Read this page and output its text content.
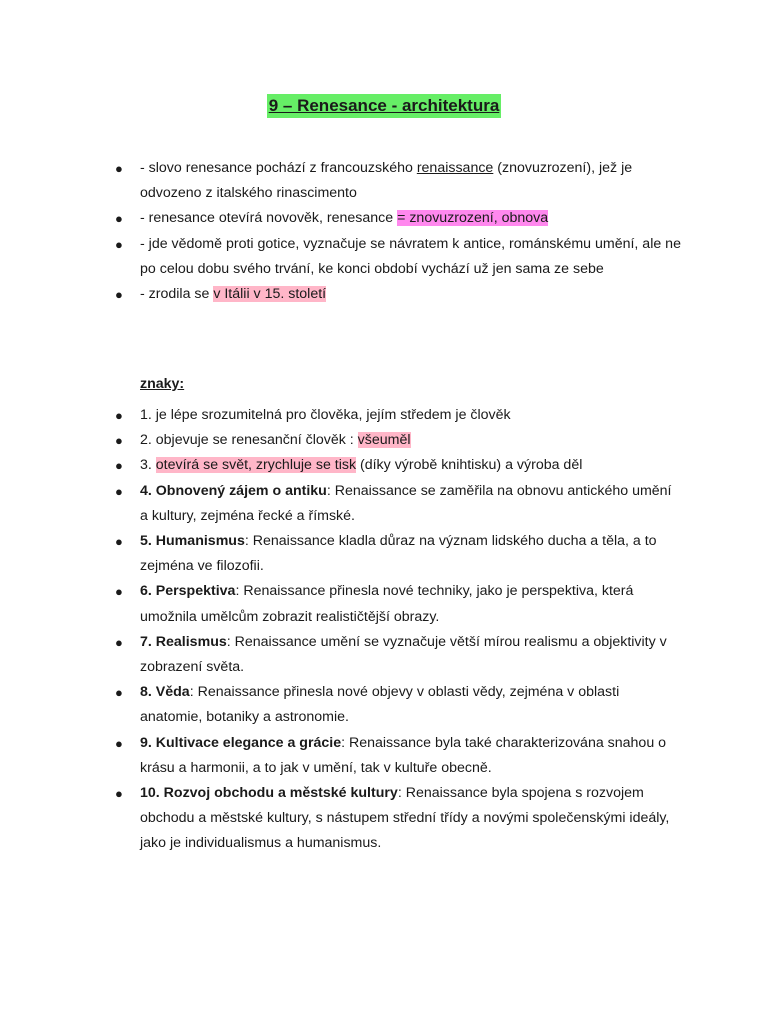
9 – Renesance - architektura
● - slovo renesance pochází z francouzského renaissance (znovuzrození), jež je odvozeno z italského rinascimento
● - renesance otevírá novověk, renesance = znovuzrození, obnova
● - jde vědomě proti gotice, vyznačuje se návratem k antice, románskému umění, ale ne po celou dobu svého trvání, ke konci období vychází už jen sama ze sebe
● - zrodila se v Itálii v 15. století
znaky:
● 1. je lépe srozumitelná pro člověka, jejím středem je člověk
● 2. objevuje se renesanční člověk : všeuměl
● 3. otevírá se svět, zrychluje se tisk (díky výrobě knihtisku) a výroba děl
● 4. Obnovený zájem o antiku: Renaissance se zaměřila na obnovu antického umění a kultury, zejména řecké a římské.
● 5. Humanismus: Renaissance kladla důraz na význam lidského ducha a těla, a to zejména ve filozofii.
● 6. Perspektiva: Renaissance přinesla nové techniky, jako je perspektiva, která umožnila umělcům zobrazit realističtější obrazy.
● 7. Realismus: Renaissance umění se vyznačuje větší mírou realismu a objektivity v zobrazení světa.
● 8. Věda: Renaissance přinesla nové objevy v oblasti vědy, zejména v oblasti anatomie, botaniky a astronomie.
● 9. Kultivace elegance a grácie: Renaissance byla také charakterizována snahou o krásu a harmonii, a to jak v umění, tak v kultuře obecně.
● 10. Rozvoj obchodu a městské kultury: Renaissance byla spojena s rozvojem obchodu a městské kultury, s nástupem střední třídy a novými společenskými ideály, jako je individualismus a humanismus.
